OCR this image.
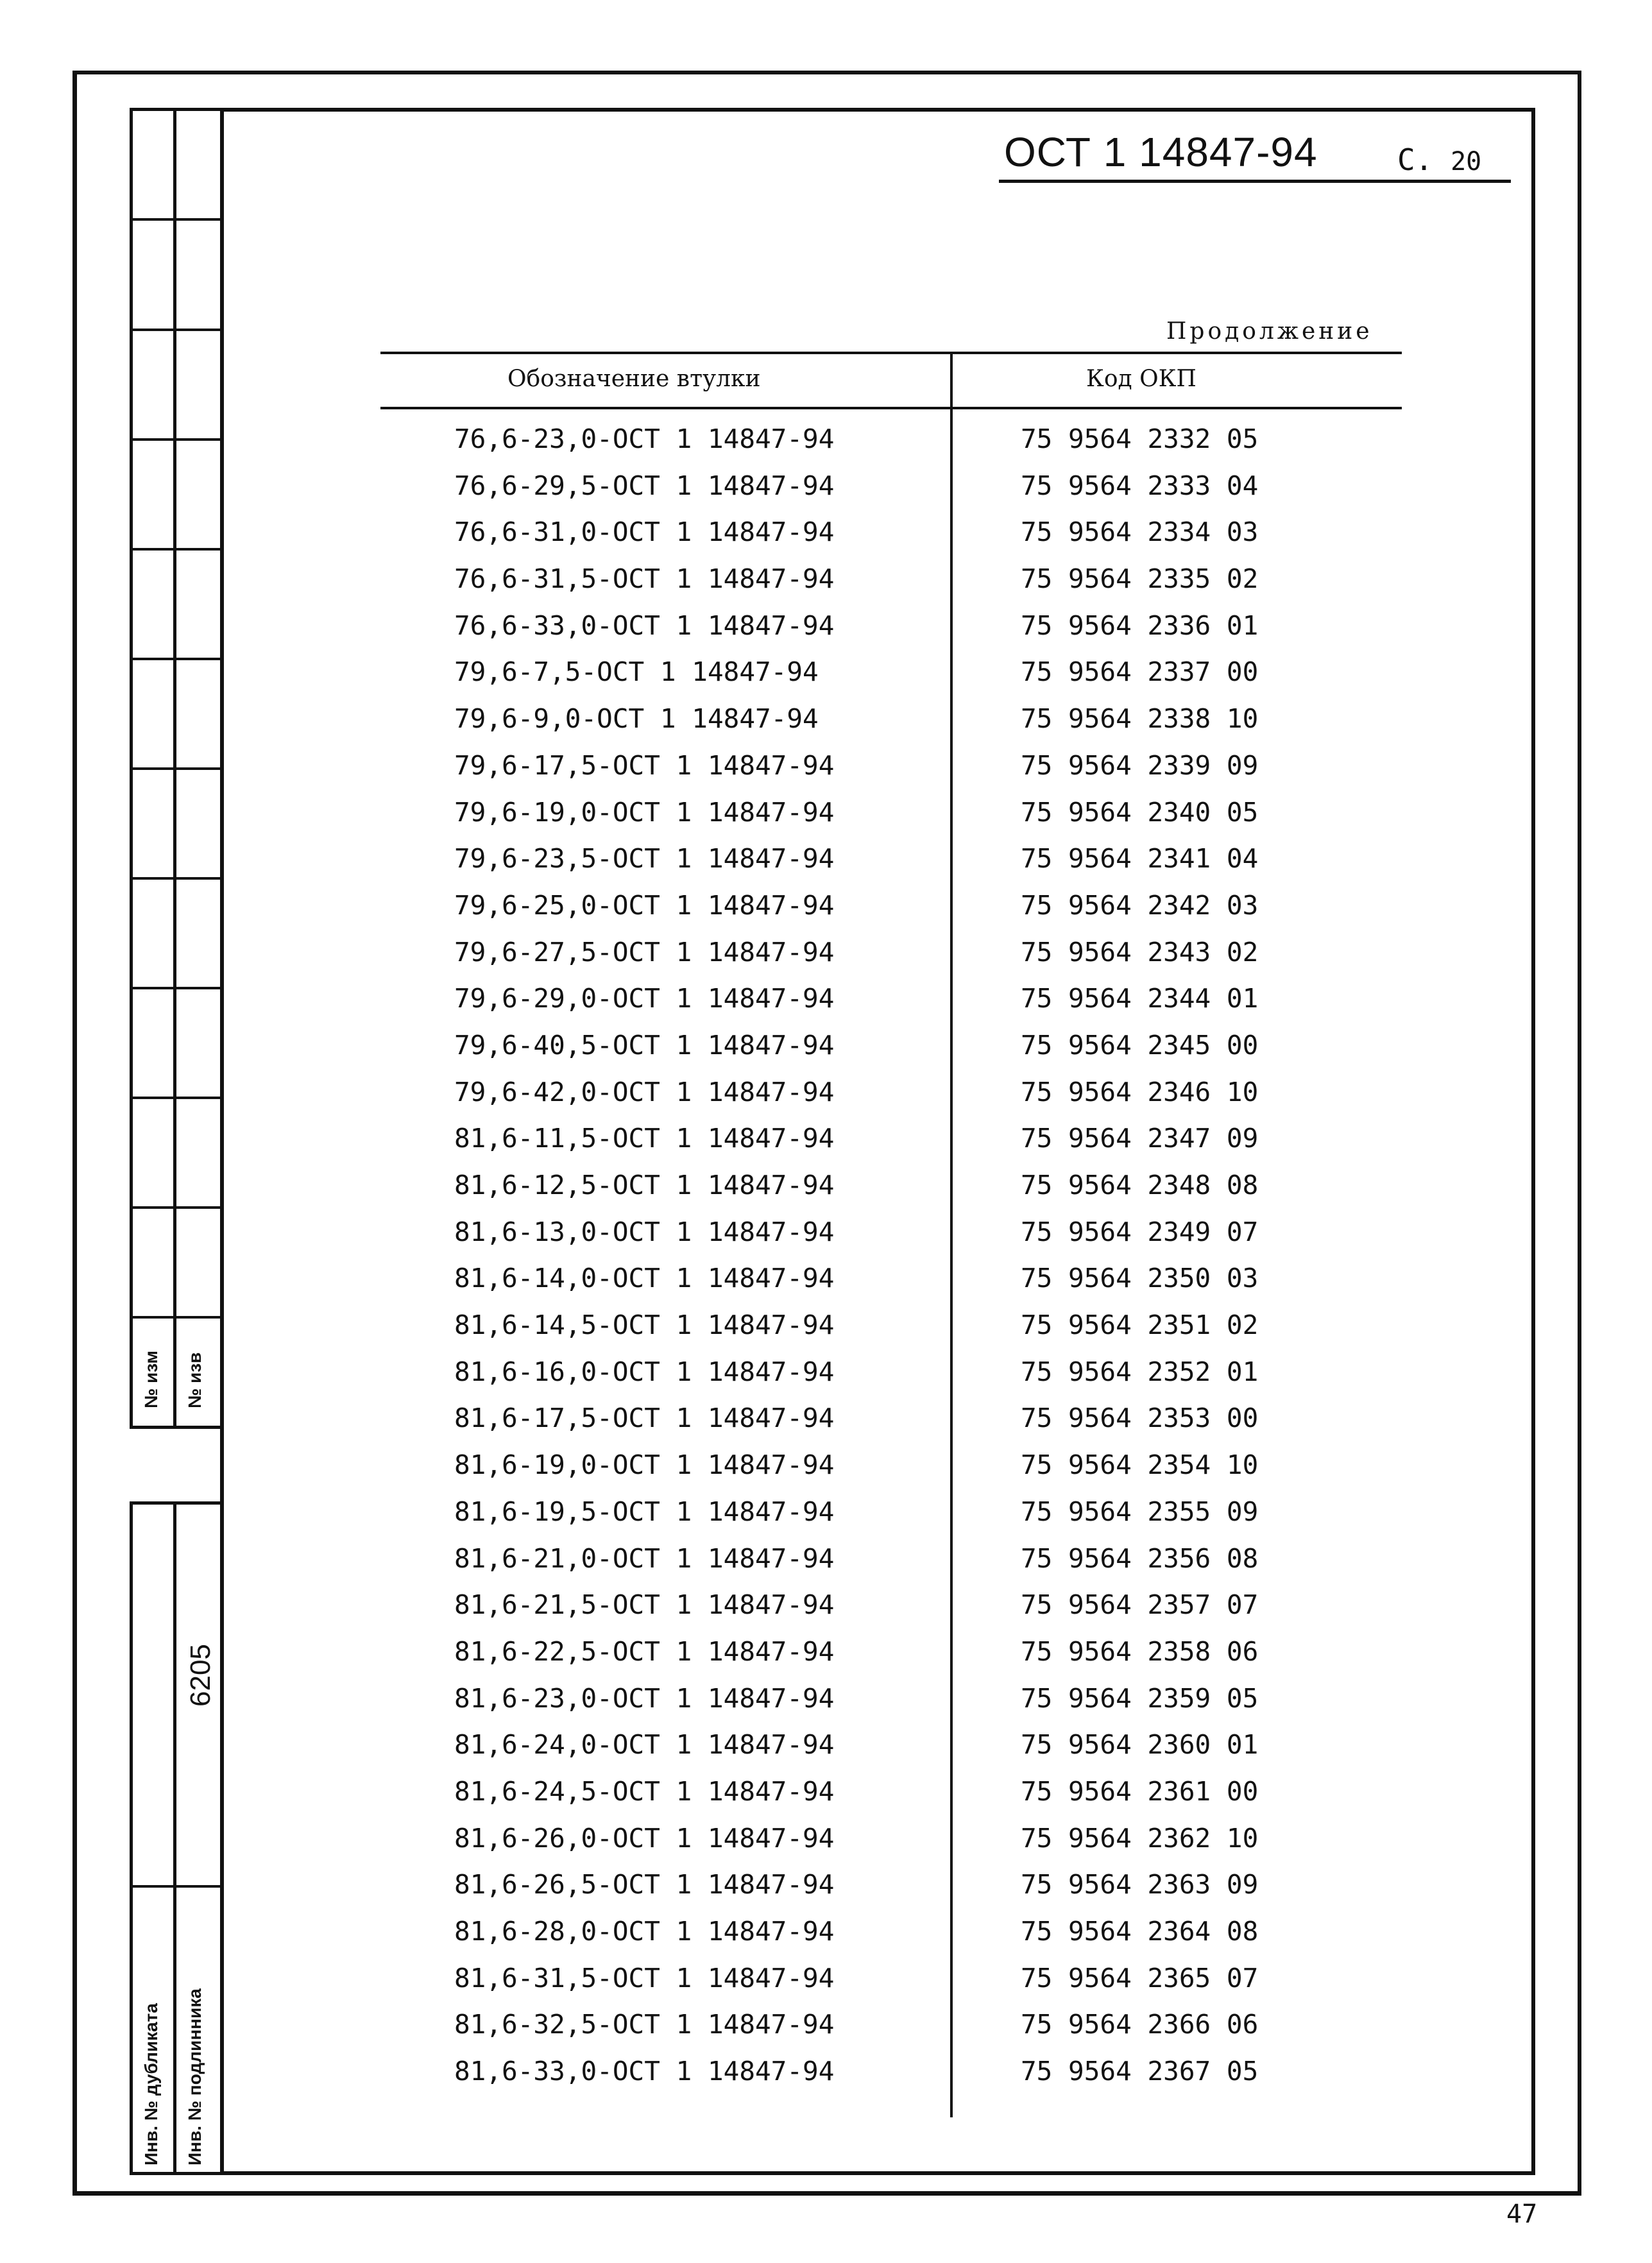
№ изм № изв
6205
Инв. № дубликата Инв. № подлинника
ОСТ 1 14847-94	С. 20
Продолжение
Обозначение втулки	Код ОКП
76,6-23,0-ОСТ 1 14847-94	75 9564 2332 05
76,6-29,5-ОСТ 1 14847-94	75 9564 2333 04
76,6-31,0-ОСТ 1 14847-94	75 9564 2334 03
76,6-31,5-ОСТ 1 14847-94	75 9564 2335 02
76,6-33,0-ОСТ 1 14847-94	75 9564 2336 01
79,6-7,5-ОСТ 1 14847-94	75 9564 2337 00
79,6-9,0-ОСТ 1 14847-94	75 9564 2338 10
79,6-17,5-ОСТ 1 14847-94	75 9564 2339 09
79,6-19,0-ОСТ 1 14847-94	75 9564 2340 05
79,6-23,5-ОСТ 1 14847-94	75 9564 2341 04
79,6-25,0-ОСТ 1 14847-94	75 9564 2342 03
79,6-27,5-ОСТ 1 14847-94	75 9564 2343 02
79,6-29,0-ОСТ 1 14847-94	75 9564 2344 01
79,6-40,5-ОСТ 1 14847-94	75 9564 2345 00
79,6-42,0-ОСТ 1 14847-94	75 9564 2346 10
81,6-11,5-ОСТ 1 14847-94	75 9564 2347 09
81,6-12,5-ОСТ 1 14847-94	75 9564 2348 08
81,6-13,0-ОСТ 1 14847-94	75 9564 2349 07
81,6-14,0-ОСТ 1 14847-94	75 9564 2350 03
81,6-14,5-ОСТ 1 14847-94	75 9564 2351 02
81,6-16,0-ОСТ 1 14847-94	75 9564 2352 01
81,6-17,5-ОСТ 1 14847-94	75 9564 2353 00
81,6-19,0-ОСТ 1 14847-94	75 9564 2354 10
81,6-19,5-ОСТ 1 14847-94	75 9564 2355 09
81,6-21,0-ОСТ 1 14847-94	75 9564 2356 08
81,6-21,5-ОСТ 1 14847-94	75 9564 2357 07
81,6-22,5-ОСТ 1 14847-94	75 9564 2358 06
81,6-23,0-ОСТ 1 14847-94	75 9564 2359 05
81,6-24,0-ОСТ 1 14847-94	75 9564 2360 01
81,6-24,5-ОСТ 1 14847-94	75 9564 2361 00
81,6-26,0-ОСТ 1 14847-94	75 9564 2362 10
81,6-26,5-ОСТ 1 14847-94	75 9564 2363 09
81,6-28,0-ОСТ 1 14847-94	75 9564 2364 08
81,6-31,5-ОСТ 1 14847-94	75 9564 2365 07
81,6-32,5-ОСТ 1 14847-94	75 9564 2366 06
81,6-33,0-ОСТ 1 14847-94	75 9564 2367 05
47
